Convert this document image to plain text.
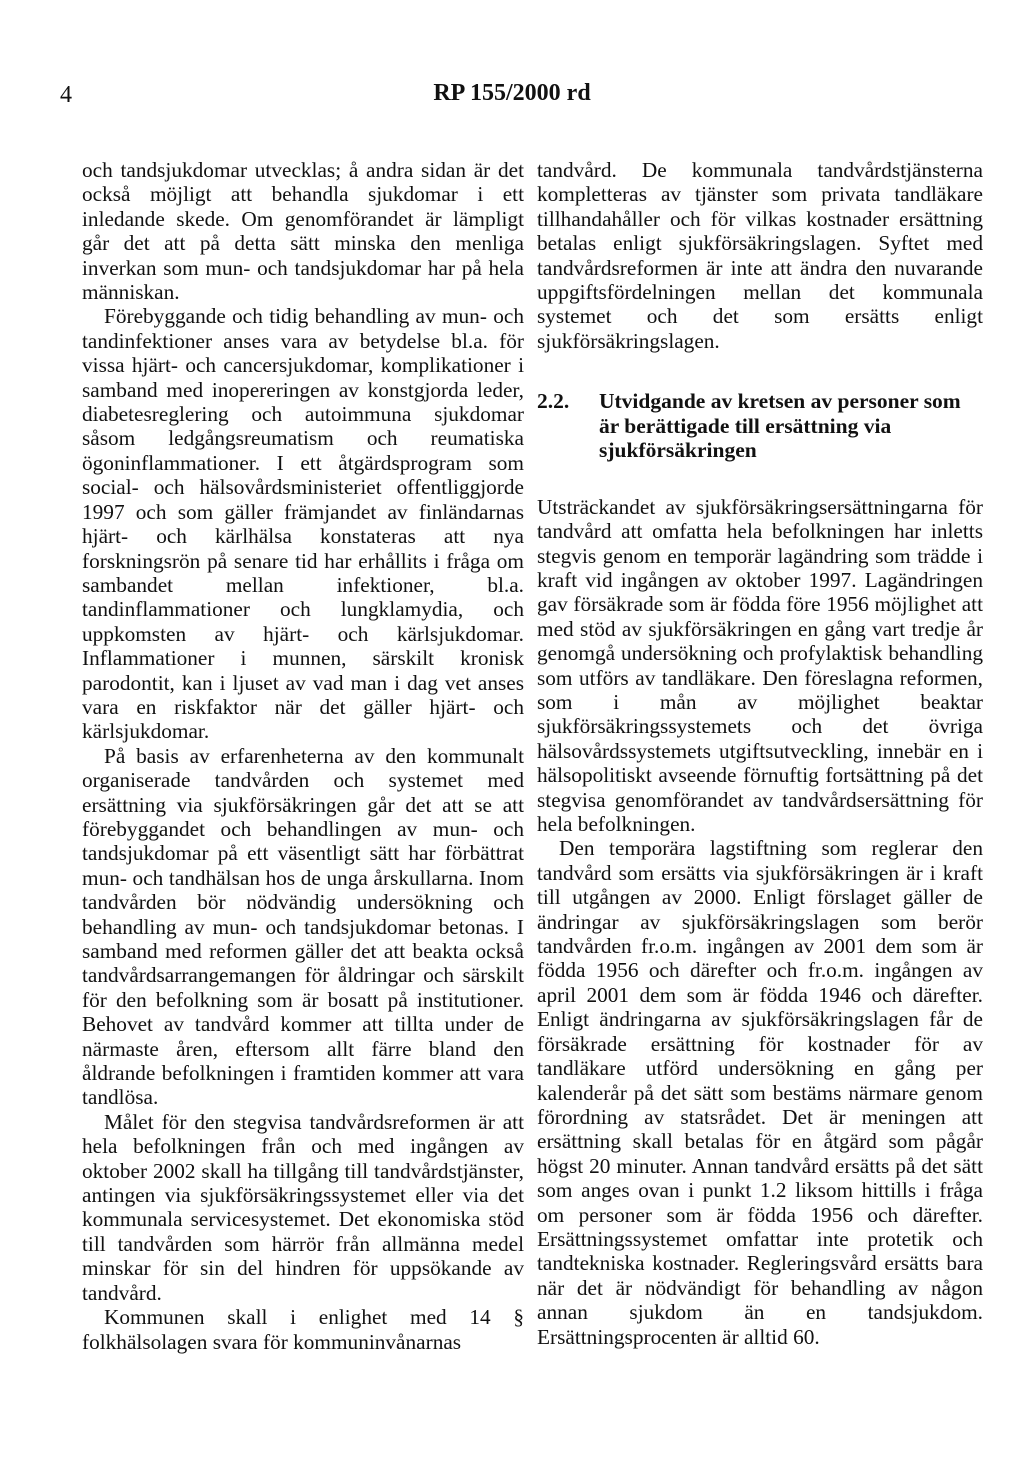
4	RP 155/2000 rd

och tandsjukdomar utvecklas; å andra sidan är det också möjligt att behandla sjukdomar i ett inledande skede. Om genomförandet är lämpligt går det att på detta sätt minska den menliga inverkan som mun- och tandsjukdomar har på hela människan.

Förebyggande och tidig behandling av mun- och tandinfektioner anses vara av betydelse bl.a. för vissa hjärt- och cancersjukdomar, komplikationer i samband med inopereringen av konstgjorda leder, diabetesreglering och autoimmuna sjukdomar såsom ledgångsreumatism och reumatiska ögoninflammationer. I ett åtgärdsprogram som social- och hälsovårdsministeriet offentliggjorde 1997 och som gäller främjandet av finländarnas hjärt- och kärlhälsa konstateras att nya forskningsrön på senare tid har erhållits i fråga om sambandet mellan infektioner, bl.a. tandinflammationer och lungklamydia, och uppkomsten av hjärt- och kärlsjukdomar. Inflammationer i munnen, särskilt kronisk parodontit, kan i ljuset av vad man i dag vet anses vara en riskfaktor när det gäller hjärt- och kärlsjukdomar.

På basis av erfarenheterna av den kommunalt organiserade tandvården och systemet med ersättning via sjukförsäkringen går det att se att förebyggandet och behandlingen av mun- och tandsjukdomar på ett väsentligt sätt har förbättrat mun- och tandhälsan hos de unga årskullarna. Inom tandvården bör nödvändig undersökning och behandling av mun- och tandsjukdomar betonas. I samband med reformen gäller det att beakta också tandvårdsarrangemangen för åldringar och särskilt för den befolkning som är bosatt på institutioner. Behovet av tandvård kommer att tillta under de närmaste åren, eftersom allt färre bland den åldrande befolkningen i framtiden kommer att vara tandlösa.

Målet för den stegvisa tandvårdsreformen är att hela befolkningen från och med ingången av oktober 2002 skall ha tillgång till tandvårdstjänster, antingen via sjukförsäkringssystemet eller via det kommunala servicesystemet. Det ekonomiska stöd till tandvården som härrör från allmänna medel minskar för sin del hindren för uppsökande av tandvård.

Kommunen skall i enlighet med 14 § folkhälsolagen svara för kommuninvånarnas

tandvård. De kommunala tandvårdstjänsterna kompletteras av tjänster som privata tandläkare tillhandahåller och för vilkas kostnader ersättning betalas enligt sjukförsäkringslagen. Syftet med tandvårdsreformen är inte att ändra den nuvarande uppgiftsfördelningen mellan det kommunala systemet och det som ersätts enligt sjukförsäkringslagen.

2.2.	Utvidgande av kretsen av personer som är berättigade till ersättning via sjukförsäkringen

Utsträckandet av sjukförsäkringsersättningarna för tandvård att omfatta hela befolkningen har inletts stegvis genom en temporär lagändring som trädde i kraft vid ingången av oktober 1997. Lagändringen gav försäkrade som är födda före 1956 möjlighet att med stöd av sjukförsäkringen en gång vart tredje år genomgå undersökning och profylaktisk behandling som utförs av tandläkare. Den föreslagna reformen, som i mån av möjlighet beaktar sjukförsäkringssystemets och det övriga hälsovårdssystemets utgiftsutveckling, innebär en i hälsopolitiskt avseende förnuftig fortsättning på det stegvisa genomförandet av tandvårdsersättning för hela befolkningen.

Den temporära lagstiftning som reglerar den tandvård som ersätts via sjukförsäkringen är i kraft till utgången av 2000. Enligt förslaget gäller de ändringar av sjukförsäkringslagen som berör tandvården fr.o.m. ingången av 2001 dem som är födda 1956 och därefter och fr.o.m. ingången av april 2001 dem som är födda 1946 och därefter. Enligt ändringarna av sjukförsäkringslagen får de försäkrade ersättning för kostnader för av tandläkare utförd undersökning en gång per kalenderår på det sätt som bestäms närmare genom förordning av statsrådet. Det är meningen att ersättning skall betalas för en åtgärd som pågår högst 20 minuter. Annan tandvård ersätts på det sätt som anges ovan i punkt 1.2 liksom hittills i fråga om personer som är födda 1956 och därefter. Ersättningssystemet omfattar inte protetik och tandtekniska kostnader. Regleringsvård ersätts bara när det är nödvändigt för behandling av någon annan sjukdom än en tandsjukdom. Ersättningsprocenten är alltid 60.
